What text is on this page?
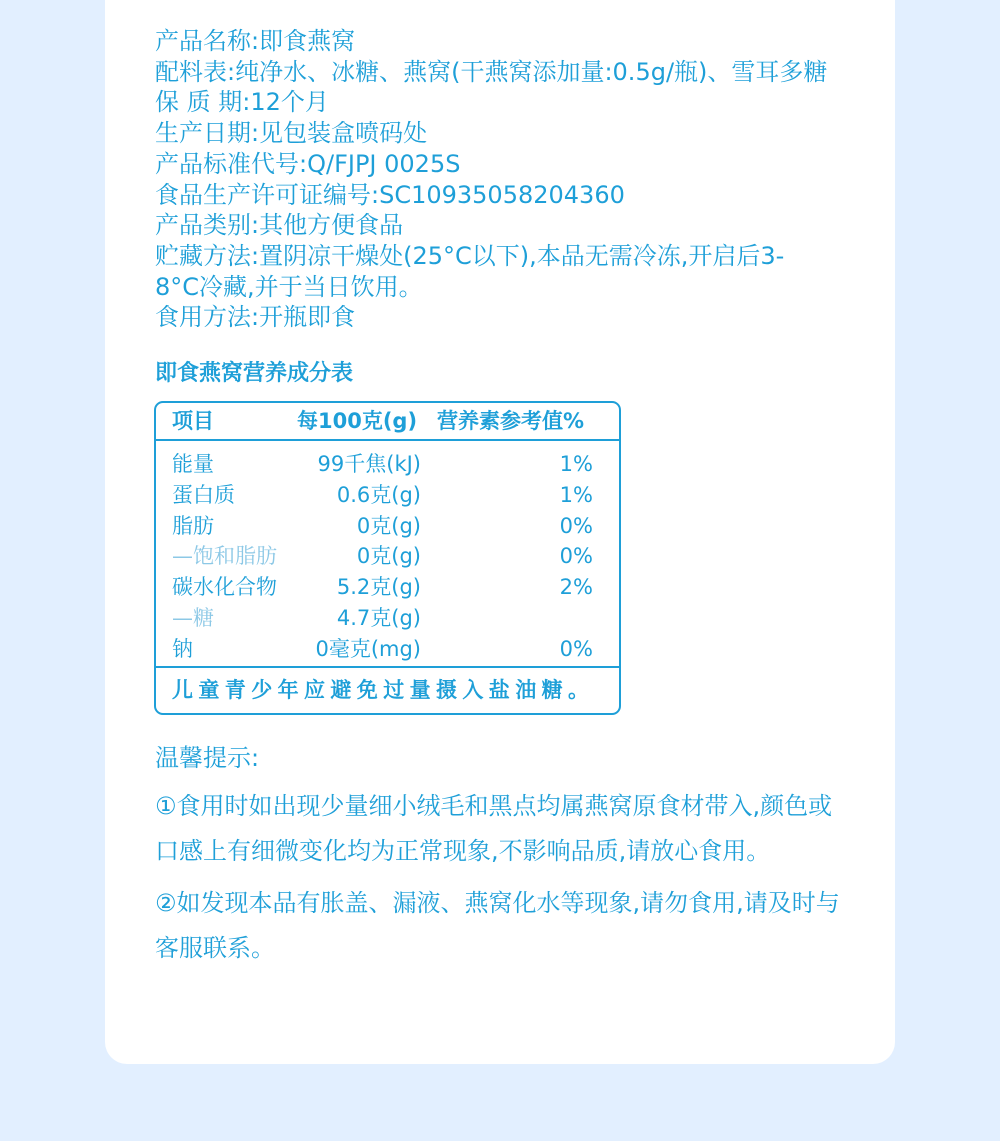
产品名称:即食燕窝
配料表:纯净水、冰糖、燕窝(干燕窝添加量:0.5g/瓶)、雪耳多糖
保 质 期:12个月
生产日期:见包装盒喷码处
产品标准代号:Q/FJPJ 0025S
食品生产许可证编号:SC10935058204360
产品类别:其他方便食品
贮藏方法:置阴凉干燥处(25°C以下),本品无需冷冻,开启后3-8°C冷藏,并于当日饮用。
食用方法:开瓶即食
即食燕窝营养成分表
项目	每100克(g) 营养素参考值%
能量	99千焦(kJ)	1%
蛋白质	0.6克(g)	1%
脂肪	0克(g)	0%
—饱和脂肪	0克(g)	0%
碳水化合物	5.2克(g)	2%
—糖	4.7克(g)
钠	0毫克(mg)	0%
儿童青少年应避免过量摄入盐油糖。
温馨提示:

①食用时如出现少量细小绒毛和黑点均属燕窝原食材带入,颜色或口感上有细微变化均为正常现象,不影响品质,请放心食用。

②如发现本品有胀盖、漏液、燕窝化水等现象,请勿食用,请及时与客服联系。
